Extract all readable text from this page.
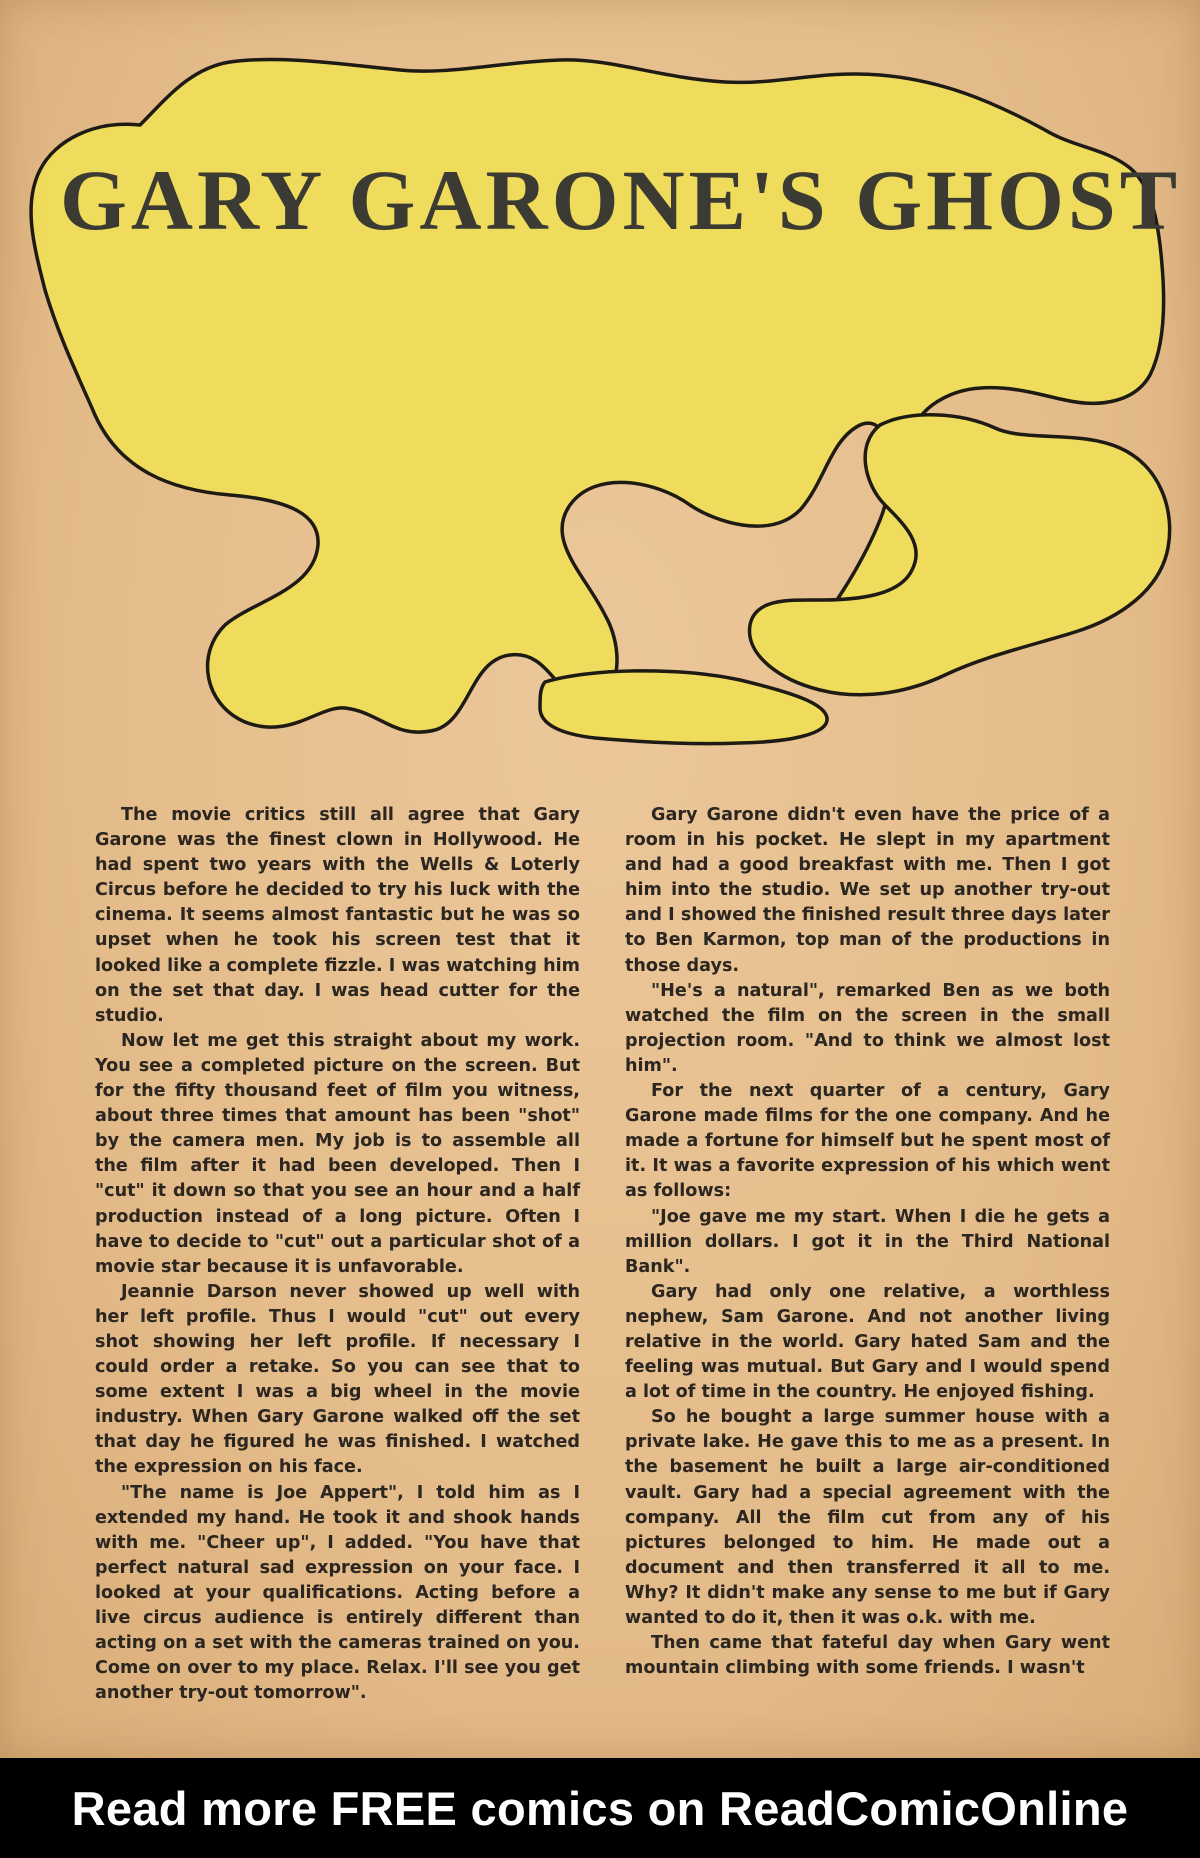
GARY GARONE'S GHOST

The movie critics still all agree that Gary Garone was the finest clown in Hollywood. He had spent two years with the Wells & Loterly Circus before he decided to try his luck with the cinema. It seems almost fantastic but he was so upset when he took his screen test that it looked like a complete fizzle. I was watching him on the set that day. I was head cutter for the studio.

Now let me get this straight about my work. You see a completed picture on the screen. But for the fifty thousand feet of film you witness, about three times that amount has been "shot" by the camera men. My job is to assemble all the film after it had been developed. Then I "cut" it down so that you see an hour and a half production instead of a long picture. Often I have to decide to "cut" out a particular shot of a movie star because it is unfavorable.

Jeannie Darson never showed up well with her left profile. Thus I would "cut" out every shot showing her left profile. If necessary I could order a retake. So you can see that to some extent I was a big wheel in the movie industry. When Gary Garone walked off the set that day he figured he was finished. I watched the expression on his face.

"The name is Joe Appert", I told him as I extended my hand. He took it and shook hands with me. "Cheer up", I added. "You have that perfect natural sad expression on your face. I looked at your qualifications. Acting before a live circus audience is entirely different than acting on a set with the cameras trained on you. Come on over to my place. Relax. I'll see you get another try-out tomorrow".

Gary Garone didn't even have the price of a room in his pocket. He slept in my apartment and had a good breakfast with me. Then I got him into the studio. We set up another try-out and I showed the finished result three days later to Ben Karmon, top man of the productions in those days.

"He's a natural", remarked Ben as we both watched the film on the screen in the small projection room. "And to think we almost lost him".

For the next quarter of a century, Gary Garone made films for the one company. And he made a fortune for himself but he spent most of it. It was a favorite expression of his which went as follows:

"Joe gave me my start. When I die he gets a million dollars. I got it in the Third National Bank".

Gary had only one relative, a worthless nephew, Sam Garone. And not another living relative in the world. Gary hated Sam and the feeling was mutual. But Gary and I would spend a lot of time in the country. He enjoyed fishing.

So he bought a large summer house with a private lake. He gave this to me as a present. In the basement he built a large air-conditioned vault. Gary had a special agreement with the company. All the film cut from any of his pictures belonged to him. He made out a document and then transferred it all to me. Why? It didn't make any sense to me but if Gary wanted to do it, then it was o.k. with me.

Then came that fateful day when Gary went mountain climbing with some friends. I wasn't

Read more FREE comics on ReadComicOnline
